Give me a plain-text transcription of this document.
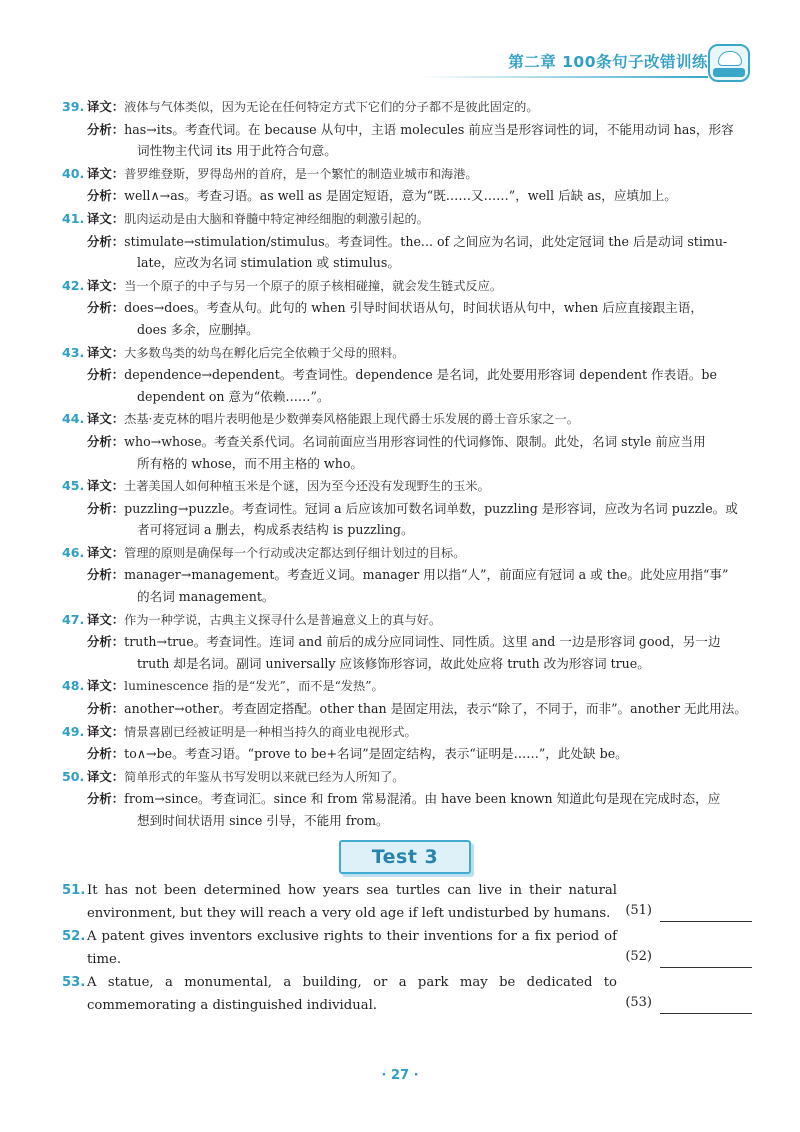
第二章 100条句子改错训练
39. 译文： 液体与气体类似，因为无论在任何特定方式下它们的分子都不是彼此固定的。
分析： has→its。考查代词。在 because 从句中，主语 molecules 前应当是形容词性的词，不能用动词 has，形容
词性物主代词 its 用于此符合句意。
40. 译文： 普罗维登斯，罗得岛州的首府，是一个繁忙的制造业城市和海港。
分析： well∧→as。考查习语。as well as 是固定短语，意为“既……又……”，well 后缺 as，应填加上。
41. 译文： 肌肉运动是由大脑和脊髓中特定神经细胞的刺激引起的。
分析： stimulate→stimulation/stimulus。考查词性。the... of 之间应为名词，此处定冠词 the 后是动词 stimu-
late，应改为名词 stimulation 或 stimulus。
42. 译文： 当一个原子的中子与另一个原子的原子核相碰撞，就会发生链式反应。
分析： does→does。考查从句。此句的 when 引导时间状语从句，时间状语从句中，when 后应直接跟主语，
does 多余，应删掉。
43. 译文： 大多数鸟类的幼鸟在孵化后完全依赖于父母的照料。
分析： dependence→dependent。考查词性。dependence 是名词，此处要用形容词 dependent 作表语。be
dependent on 意为“依赖……”。
44. 译文： 杰基·麦克林的唱片表明他是少数弹奏风格能跟上现代爵士乐发展的爵士音乐家之一。
分析： who→whose。考查关系代词。名词前面应当用形容词性的代词修饰、限制。此处，名词 style 前应当用
所有格的 whose，而不用主格的 who。
45. 译文： 土著美国人如何种植玉米是个谜，因为至今还没有发现野生的玉米。
分析： puzzling→puzzle。考查词性。冠词 a 后应该加可数名词单数，puzzling 是形容词，应改为名词 puzzle。或
者可将冠词 a 删去，构成系表结构 is puzzling。
46. 译文： 管理的原则是确保每一个行动或决定都达到仔细计划过的目标。
分析： manager→management。考查近义词。manager 用以指“人”，前面应有冠词 a 或 the。此处应用指“事”
的名词 management。
47. 译文： 作为一种学说，古典主义探寻什么是普遍意义上的真与好。
分析： truth→true。考查词性。连词 and 前后的成分应同词性、同性质。这里 and 一边是形容词 good，另一边
truth 却是名词。副词 universally 应该修饰形容词，故此处应将 truth 改为形容词 true。
48. 译文： luminescence 指的是“发光”，而不是“发热”。
分析： another→other。考查固定搭配。other than 是固定用法，表示“除了，不同于，而非”。another 无此用法。
49. 译文： 情景喜剧已经被证明是一种相当持久的商业电视形式。
分析： to∧→be。考查习语。“prove to be+名词”是固定结构，表示“证明是……”，此处缺 be。
50. 译文： 简单形式的年鉴从书写发明以来就已经为人所知了。
分析： from→since。考查词汇。since 和 from 常易混淆。由 have been known 知道此句是现在完成时态，应
想到时间状语用 since 引导，不能用 from。
Test 3
51. It has not been determined how years sea turtles can live in their natural environment, but they will reach a very old age if left undisturbed by humans.	(51)
52. A patent gives inventors exclusive rights to their inventions for a fix period of time.	(52)
53. A statue, a monumental, a building, or a park may be dedicated to commemorating a distinguished individual.	(53)
· 27 ·
